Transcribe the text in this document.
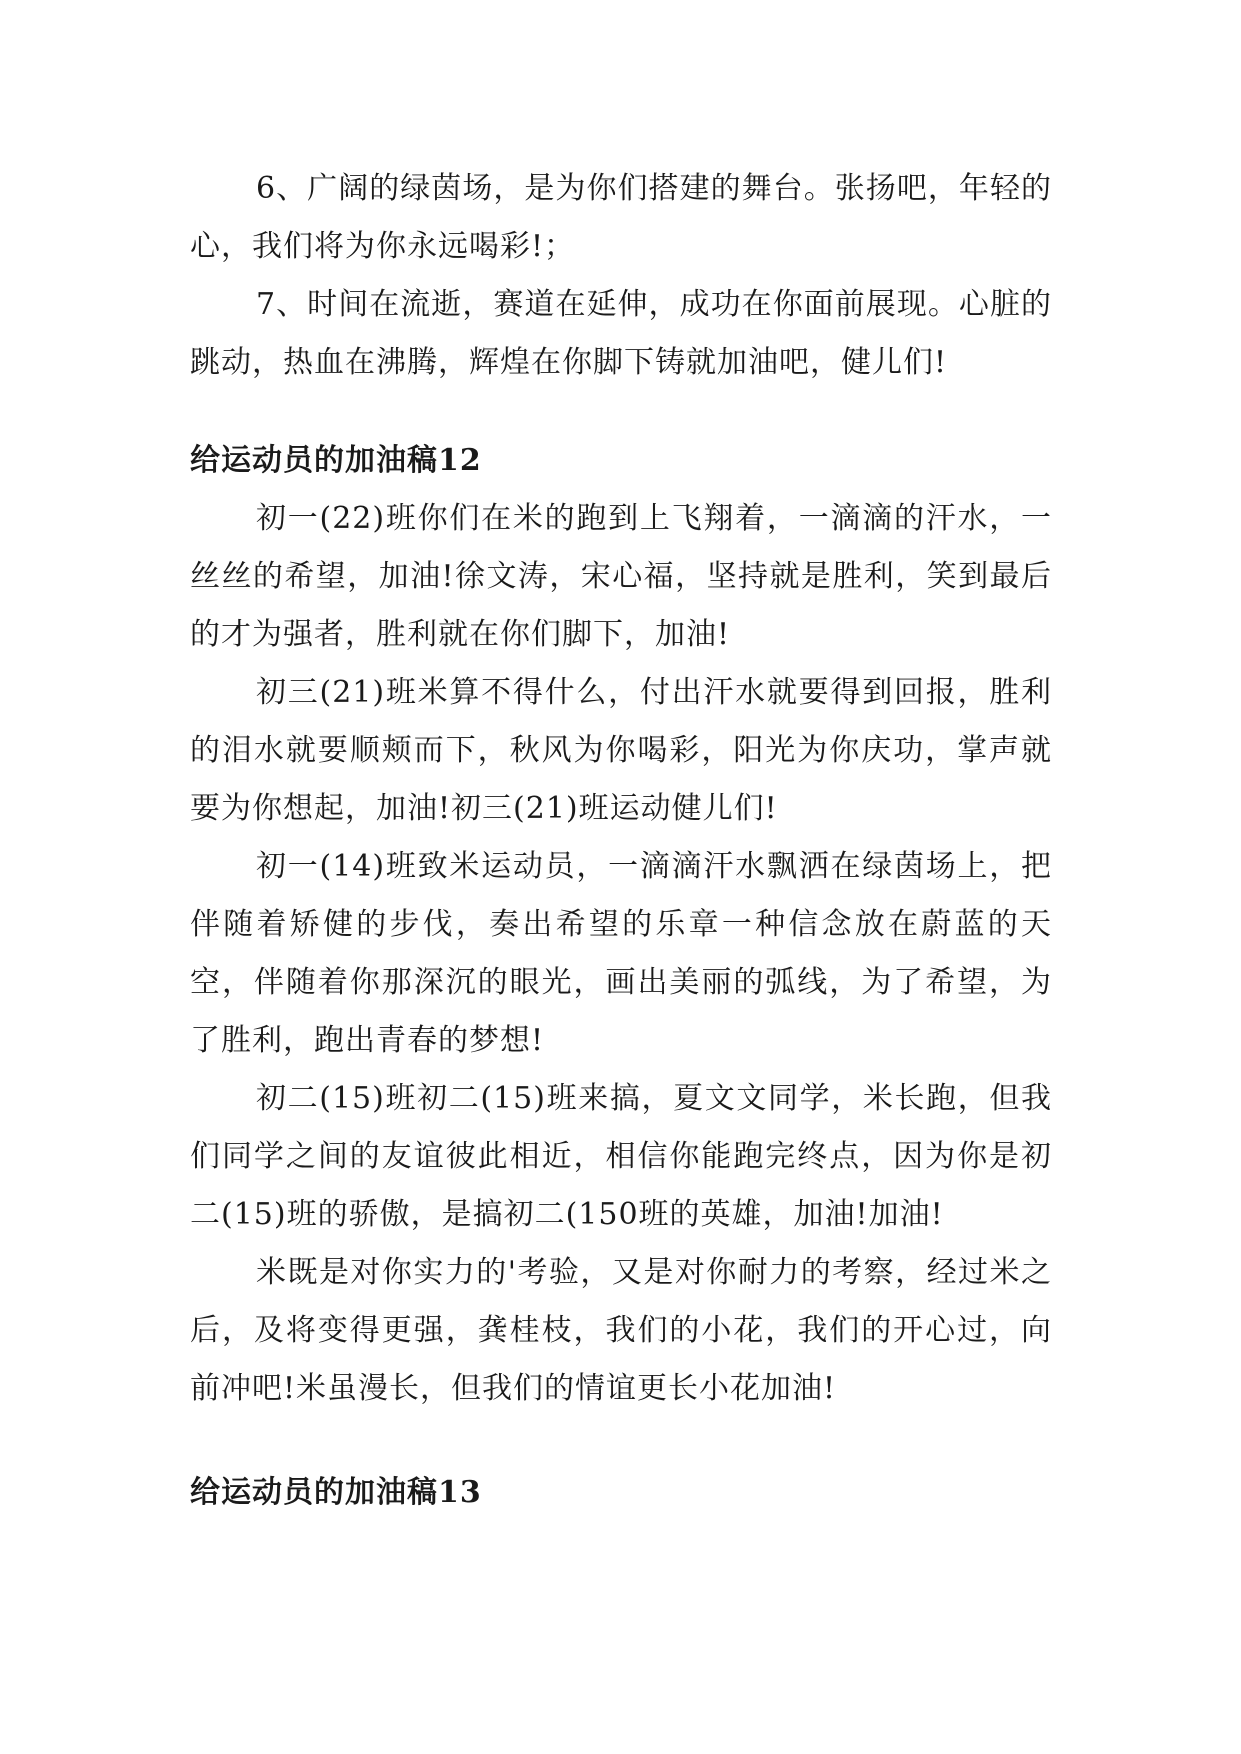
6、广阔的绿茵场，是为你们搭建的舞台。张扬吧，年轻的心，我们将为你永远喝彩!；

7、时间在流逝，赛道在延伸，成功在你面前展现。心脏的跳动，热血在沸腾，辉煌在你脚下铸就加油吧，健儿们!

给运动员的加油稿12

初一(22)班你们在米的跑到上飞翔着，一滴滴的汗水，一丝丝的希望，加油!徐文涛，宋心福，坚持就是胜利，笑到最后的才为强者，胜利就在你们脚下，加油!

初三(21)班米算不得什么，付出汗水就要得到回报，胜利的泪水就要顺颊而下，秋风为你喝彩，阳光为你庆功，掌声就要为你想起，加油!初三(21)班运动健儿们!

初一(14)班致米运动员，一滴滴汗水飘洒在绿茵场上，把伴随着矫健的步伐，奏出希望的乐章一种信念放在蔚蓝的天空，伴随着你那深沉的眼光，画出美丽的弧线，为了希望，为了胜利，跑出青春的梦想!

初二(15)班初二(15)班来搞，夏文文同学，米长跑，但我们同学之间的友谊彼此相近，相信你能跑完终点，因为你是初二(15)班的骄傲，是搞初二(150班的英雄，加油!加油!

米既是对你实力的'考验，又是对你耐力的考察，经过米之后，及将变得更强，龚桂枝，我们的小花，我们的开心过，向前冲吧!米虽漫长，但我们的情谊更长小花加油!

给运动员的加油稿13
